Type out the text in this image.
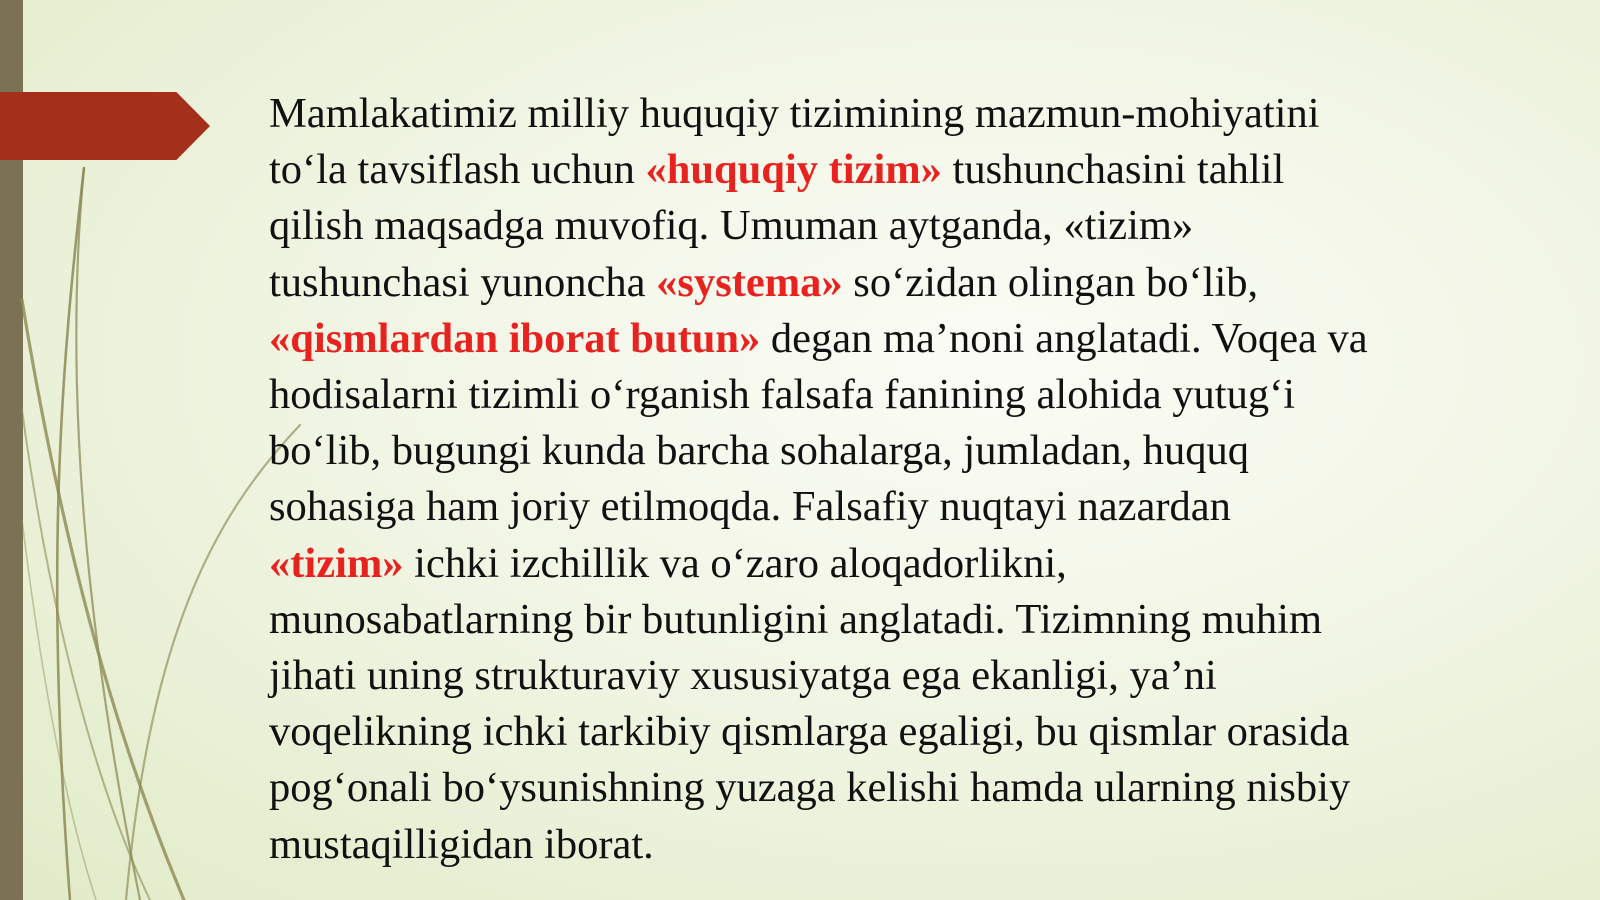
Mamlakatimiz milliy huquqiy tizimining mazmun-mohiyatini
to‘la tavsiflash uchun «huquqiy tizim» tushunchasini tahlil
qilish maqsadga muvofiq. Umuman aytganda, «tizim»
tushunchasi yunoncha «systema» so‘zidan olingan bo‘lib,
«qismlardan iborat butun» degan ma’noni anglatadi. Voqea va
hodisalarni tizimli o‘rganish falsafa fanining alohida yutug‘i
bo‘lib, bugungi kunda barcha sohalarga, jumladan, huquq
sohasiga ham joriy etilmoqda. Falsafiy nuqtayi nazardan
«tizim» ichki izchillik va o‘zaro aloqadorlikni,
munosabatlarning bir butunligini anglatadi. Tizimning muhim
jihati uning strukturaviy xususiyatga ega ekanligi, ya’ni
voqelikning ichki tarkibiy qismlarga egaligi, bu qismlar orasida
pog‘onali bo‘ysunishning yuzaga kelishi hamda ularning nisbiy
mustaqilligidan iborat.
